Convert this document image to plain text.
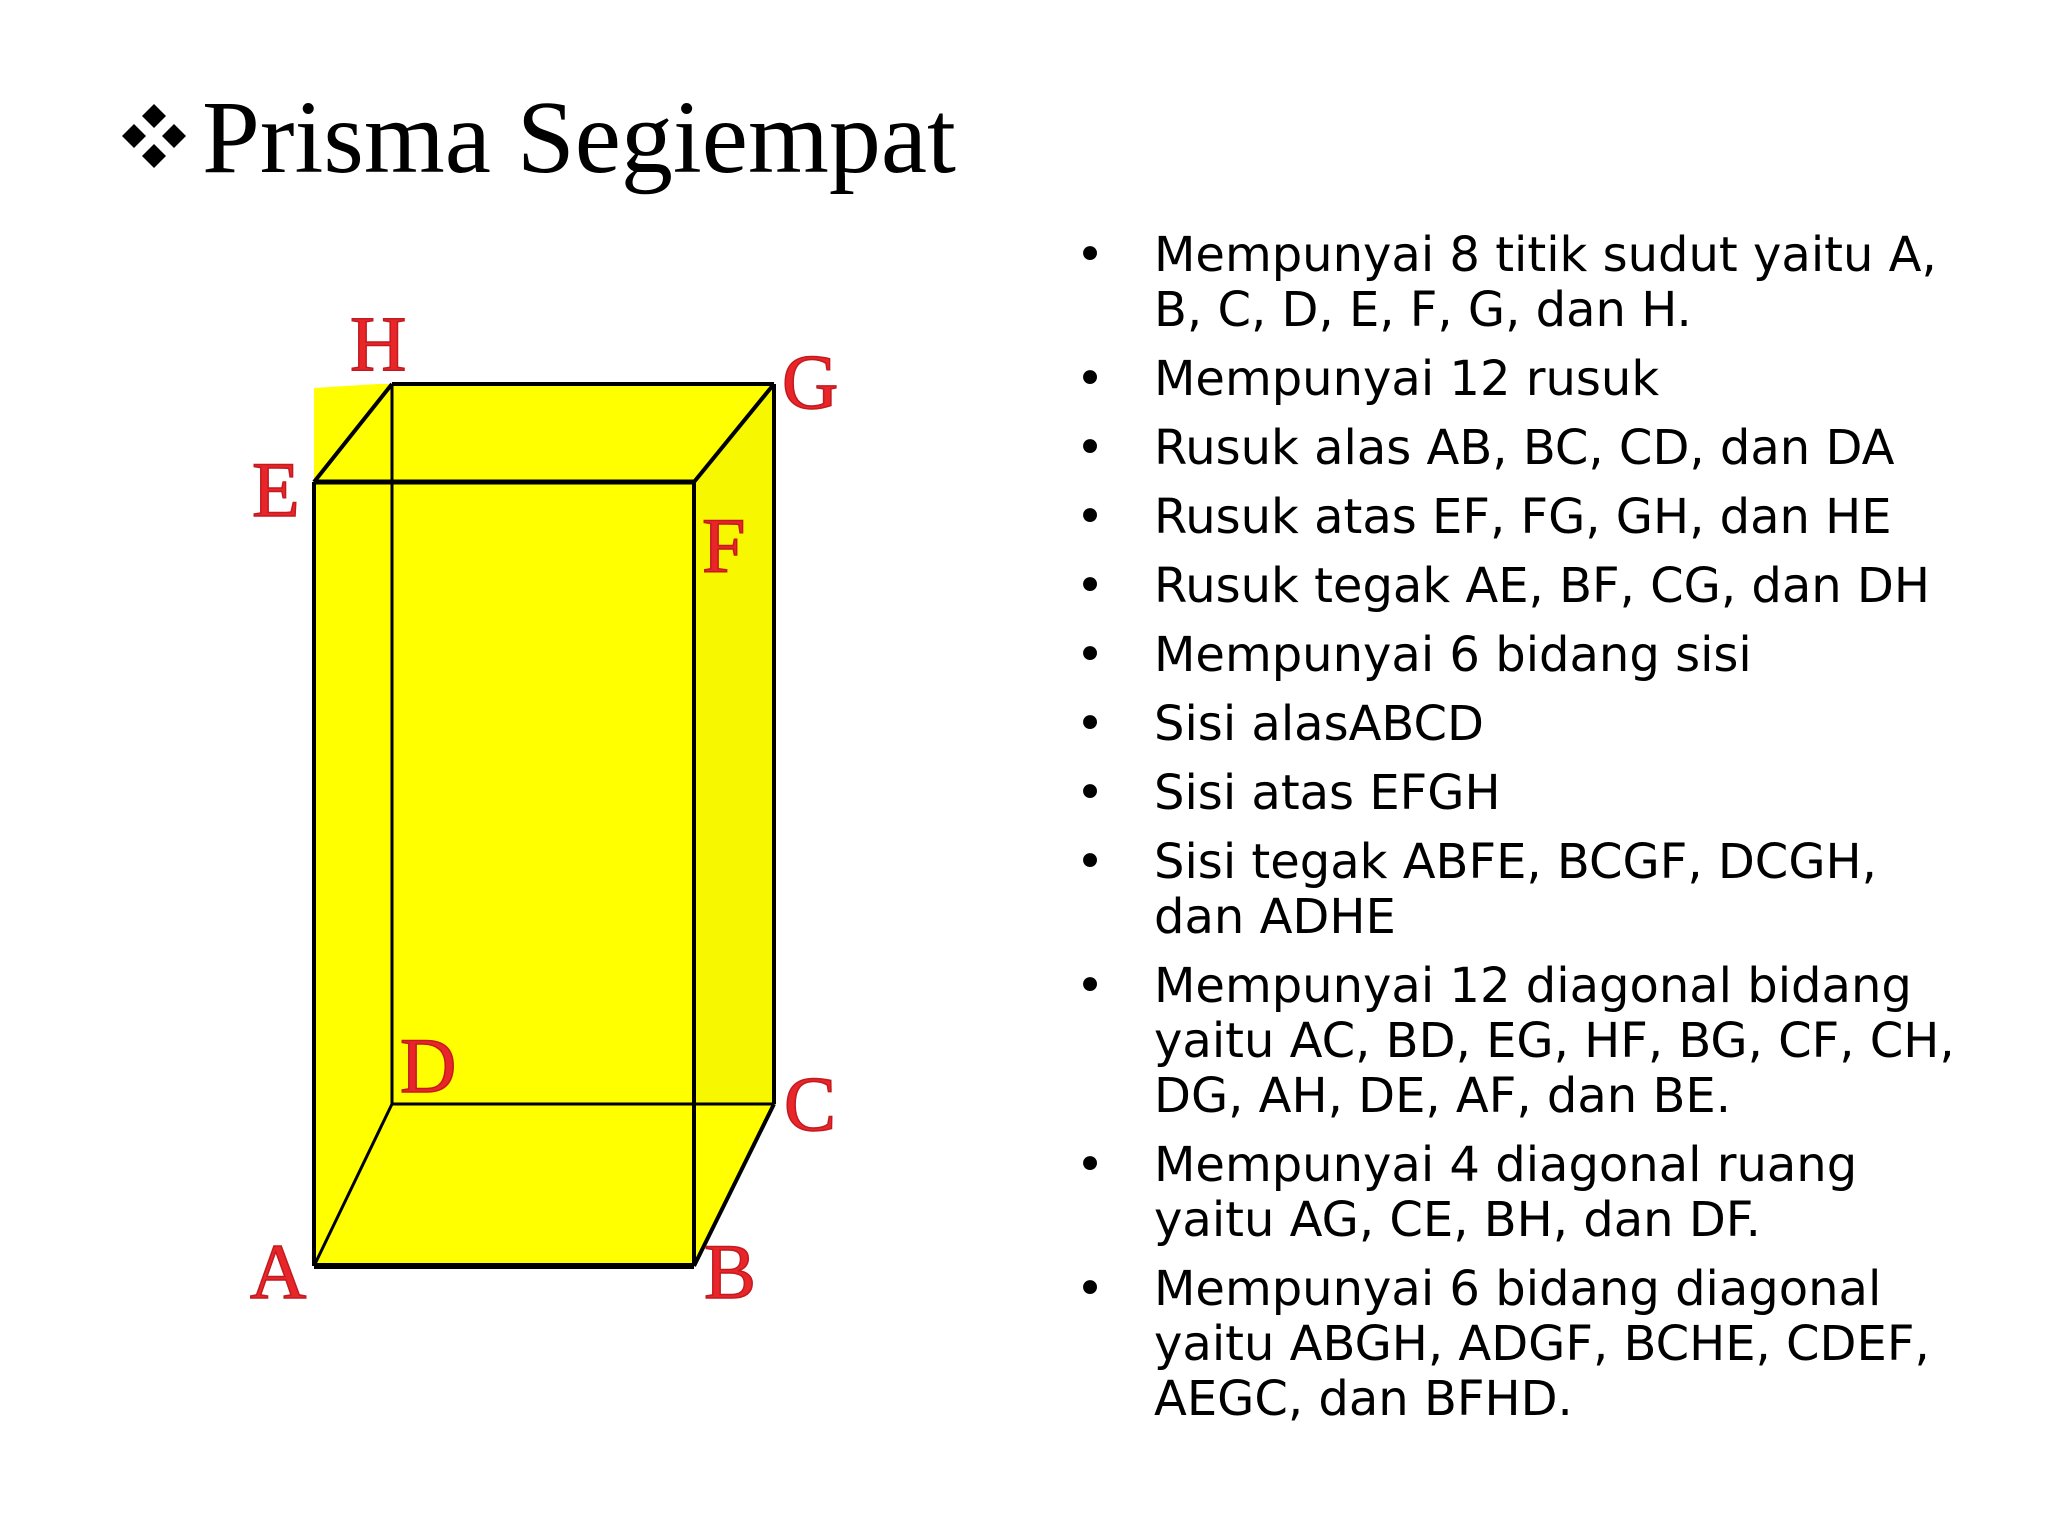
Prisma Segiempat
H	G
E
F
D	C
A	B
• Mempunyai 8 titik sudut yaitu A, B, C, D, E, F, G, dan H.
• Mempunyai 12 rusuk
• Rusuk alas AB, BC, CD, dan DA
• Rusuk atas EF, FG, GH, dan HE
• Rusuk tegak AE, BF, CG, dan DH
• Mempunyai 6 bidang sisi
• Sisi alasABCD
• Sisi atas EFGH
• Sisi tegak ABFE, BCGF, DCGH, dan ADHE
• Mempunyai 12 diagonal bidang yaitu AC, BD, EG, HF, BG, CF, CH, DG, AH, DE, AF, dan BE.
• Mempunyai 4 diagonal ruang yaitu AG, CE, BH, dan DF.
• Mempunyai 6 bidang diagonal yaitu ABGH, ADGF, BCHE, CDEF, AEGC, dan BFHD.
